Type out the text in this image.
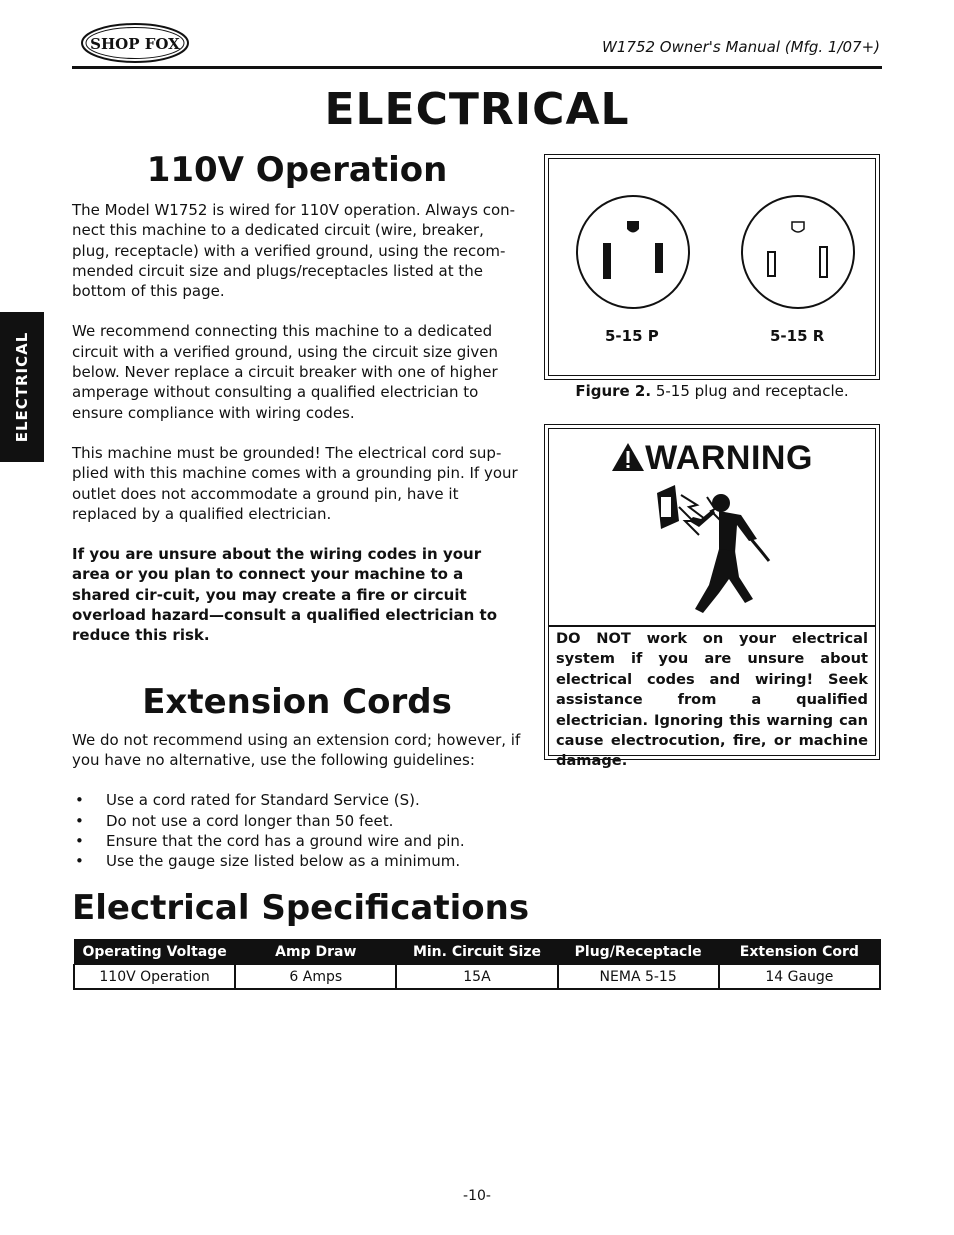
SHOP FOX	W1752 Owner's Manual (Mfg. 1/07+)
ELECTRICAL
ELECTRICAL
110V Operation

The Model W1752 is wired for 110V operation. Always con-
nect this machine to a dedicated circuit (wire, breaker,
plug, receptacle) with a verified ground, using the recom-
mended circuit size and plugs/receptacles listed at the
bottom of this page.

We recommend connecting this machine to a dedicated circuit with a verified ground, using the circuit size given below. Never replace a circuit breaker with one of higher amperage without consulting a qualified electrician to ensure compliance with wiring codes.

This machine must be grounded! The electrical cord sup-plied with this machine comes with a grounding pin. If your outlet does not accommodate a ground pin, have it replaced by a qualified electrician.

If you are unsure about the wiring codes in your area or you plan to connect your machine to a shared cir-cuit, you may create a fire or circuit overload hazard—consult a qualified electrician to reduce this risk.

Extension Cords

We do not recommend using an extension cord; however, if you have no alternative, use the following guidelines:

• Use a cord rated for Standard Service (S).
• Do not use a cord longer than 50 feet.
• Ensure that the cord has a ground wire and pin.
• Use the gauge size listed below as a minimum.
5-15 P	5-15 R
Figure 2. 5-15 plug and receptacle.
WARNING
DO NOT work on your electrical system if you are unsure about electrical codes and wiring! Seek assistance from a qualified electrician. Ignoring this warning can cause electrocution, fire, or machine damage.
Electrical Specifications
Operating Voltage	Amp Draw	Min. Circuit Size	Plug/Receptacle	Extension Cord
110V Operation	6 Amps	15A	NEMA 5-15	14 Gauge
-10-
